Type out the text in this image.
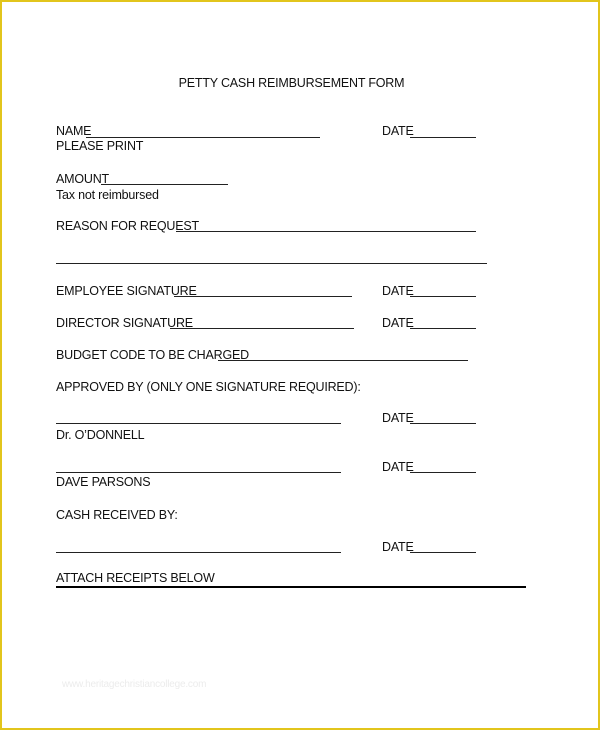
PETTY CASH REIMBURSEMENT FORM
NAME
PLEASE PRINT
DATE
AMOUNT
Tax not reimbursed
REASON FOR REQUEST
EMPLOYEE SIGNATURE	DATE
DIRECTOR SIGNATURE	DATE
BUDGET CODE TO BE CHARGED
APPROVED BY (ONLY ONE SIGNATURE REQUIRED):
DATE
Dr. O’DONNELL
DATE
DAVE PARSONS
CASH RECEIVED BY:
DATE
ATTACH RECEIPTS BELOW
www.heritagechristiancollege.com
